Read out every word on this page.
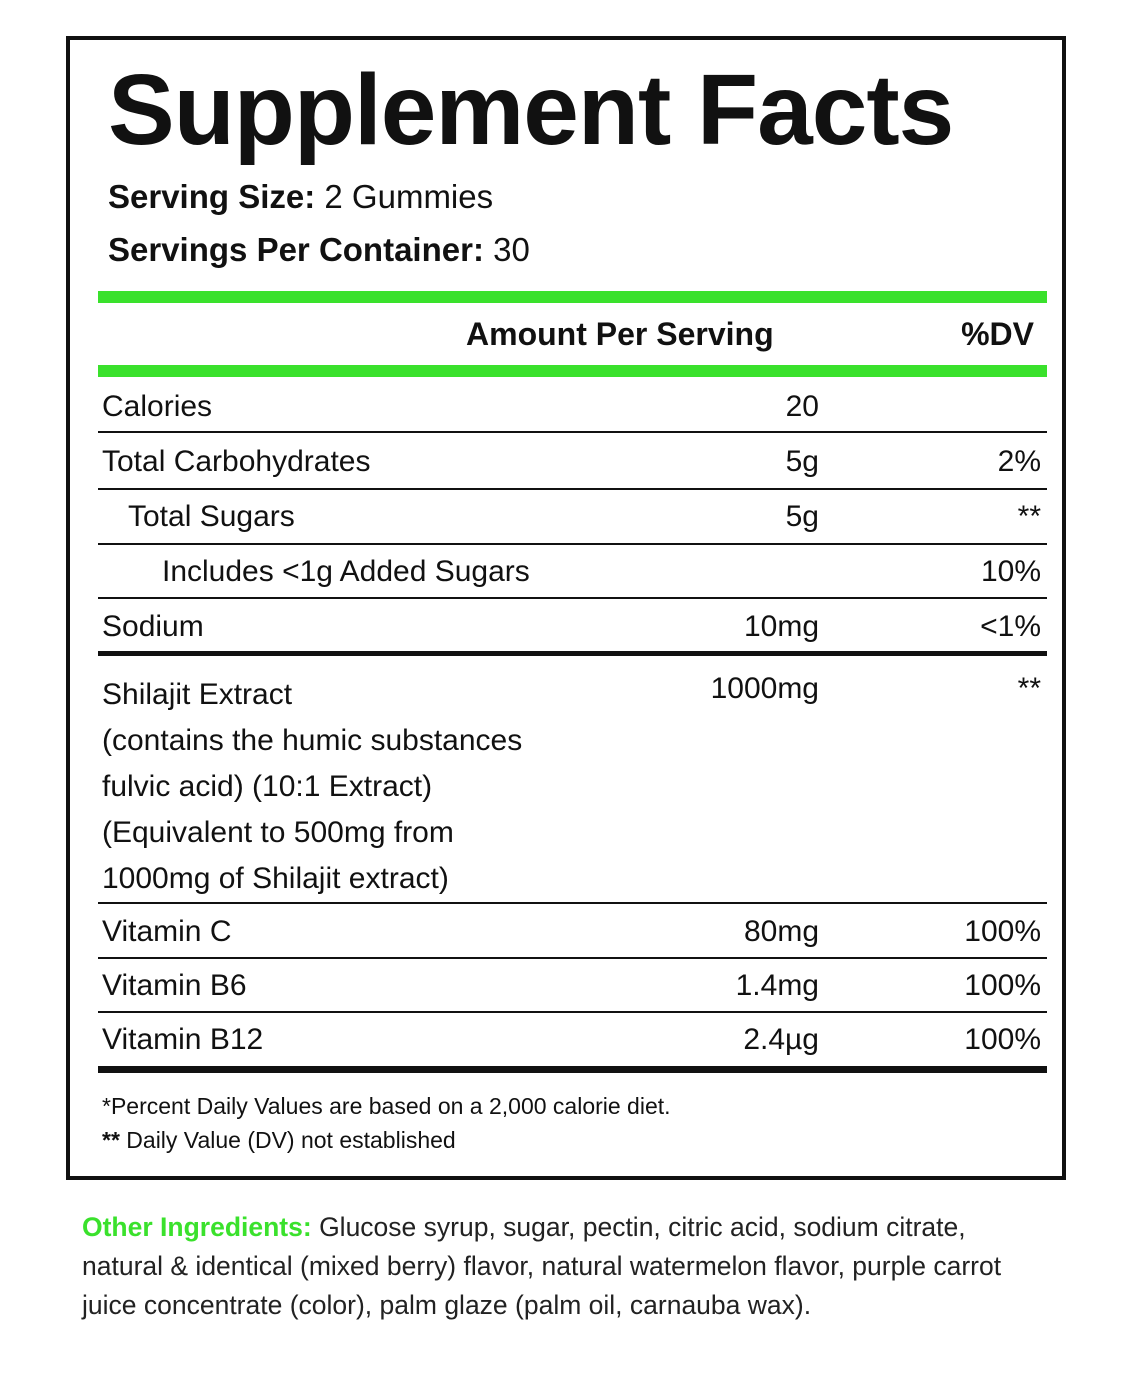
Supplement Facts
Serving Size: 2 Gummies
Servings Per Container: 30
Amount Per Serving	%DV
Calories	20
Total Carbohydrates	5g	2%
Total Sugars	5g	**
Includes <1g Added Sugars	10%
Sodium	10mg	<1%
Shilajit Extract
(contains the humic substances
fulvic acid) (10:1 Extract)
(Equivalent to 500mg from
1000mg of Shilajit extract)
1000mg	**
Vitamin C	80mg	100%
Vitamin B6	1.4mg	100%
Vitamin B12	2.4µg	100%
*Percent Daily Values are based on a 2,000 calorie diet.
** Daily Value (DV) not established
Other Ingredients: Glucose syrup, sugar, pectin, citric acid, sodium citrate, natural & identical (mixed berry) flavor, natural watermelon flavor, purple carrot juice concentrate (color), palm glaze (palm oil, carnauba wax).
